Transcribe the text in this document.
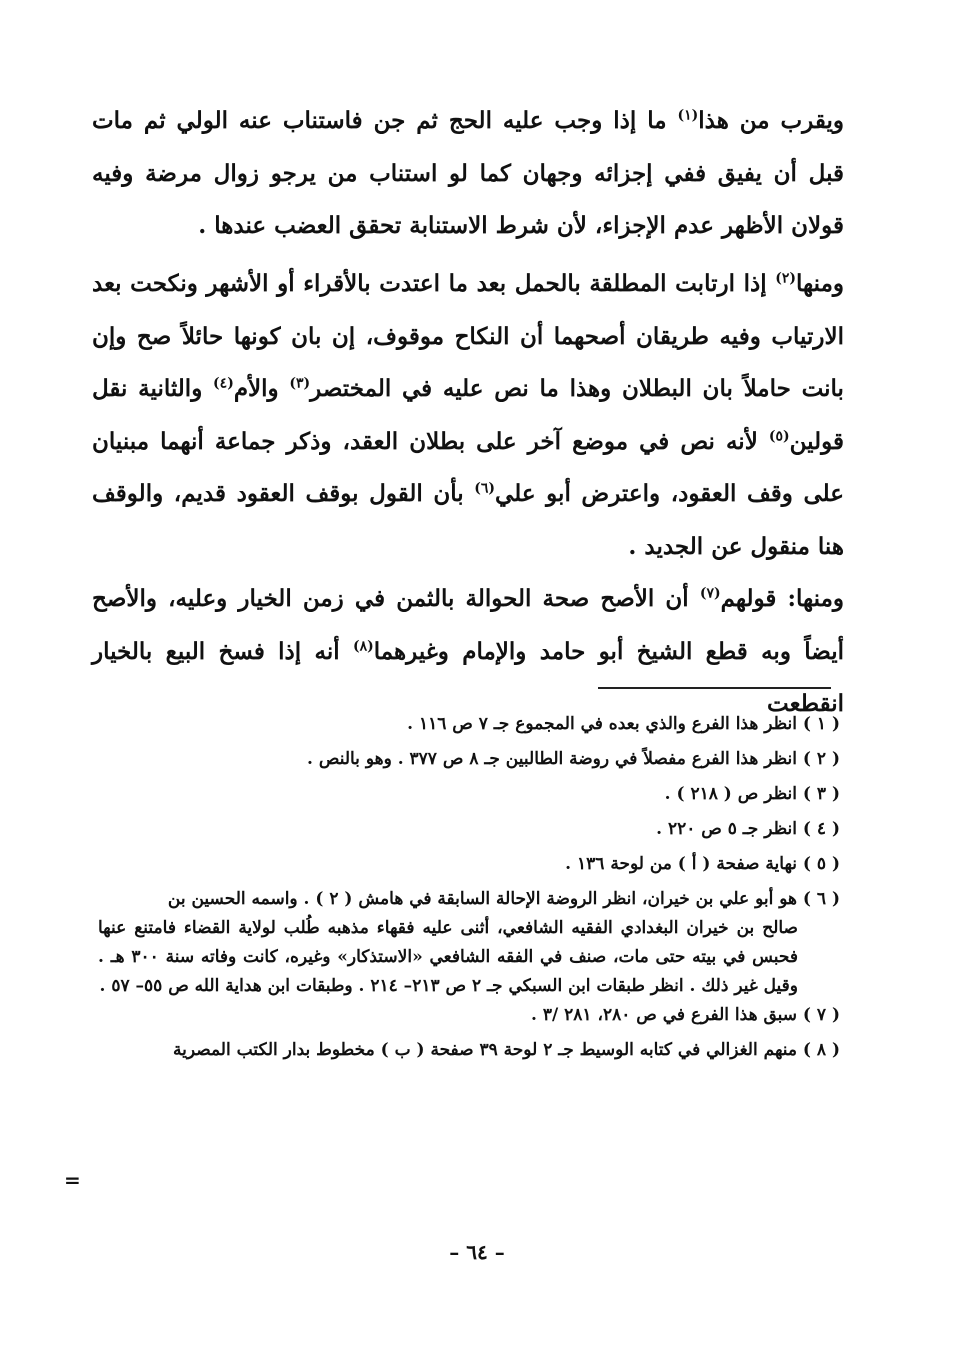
ويقرب من هذا$^{(١)}$ ما إذا وجب عليه الحج ثم جن فاستناب عنه الولي ثم مات قبل أن يفيق ففي إجزائه وجهان كما لو استناب من يرجو زوال مرضة وفيه قولان الأظهر عدم الإجزاء، لأن شرط الاستنابة تحقق العضب عندها .

ومنها$^{(٢)}$ إذا ارتابت المطلقة بالحمل بعد ما اعتدت بالأقراء أو الأشهر ونكحت بعد الارتياب وفيه طريقان أصحهما أن النكاح موقوف، إن بان كونها حائلاً صح وإن بانت حاملاً بان البطلان وهذا ما نص عليه في المختصر$^{(٣)}$ والأم$^{(٤)}$ والثانية نقل قولين$^{(٥)}$ لأنه نص في موضع آخر على بطلان العقد، وذكر جماعة أنهما مبنيان على وقف العقود، واعترض أبو علي$^{(٦)}$ بأن القول بوقف العقود قديم، والوقف هنا منقول عن الجديد .

ومنها: قولهم$^{(٧)}$ أن الأصح صحة الحوالة بالثمن في زمن الخيار وعليه، والأصح أيضاً وبه قطع الشيخ أبو حامد والإمام وغيرهما$^{(٨)}$ أنه إذا فسخ البيع بالخيار انقطعت

( ١ ) انظر هذا الفرع والذي بعده في المجموع جـ ٧ ص ١١٦ .

( ٢ ) انظر هذا الفرع مفصلاً في روضة الطالبين جـ ٨ ص ٣٧٧ . وهو بالنص .

( ٣ ) انظر ص ( ٢١٨ ) .

( ٤ ) انظر جـ ٥ ص ٢٢٠ .

( ٥ ) نهاية صفحة ( أ ) من لوحة ١٣٦ .

( ٦ ) هو أبو علي بن خيران، انظر الروضة الإحالة السابقة في هامش ( ٢ ) . واسمه الحسين بن

صالح بن خيران البغدادي الفقيه الشافعي، أثنى عليه فقهاء مذهبه طُلب لولاية القضاء فامتنع عنها فحبس في بيته حتى مات، صنف في الفقه الشافعي «الاستذكار» وغيره، كانت وفاته سنة ٣٠٠ هـ . وقيل غير ذلك . انظر طبقات ابن السبكي جـ ٢ ص ٢١٣– ٢١٤ . وطبقات ابن هداية الله ص ٥٥– ٥٧ .

( ٧ ) سبق هذا الفرع في ص ٢٨٠، ٢٨١ /٣ .

( ٨ ) منهم الغزالي في كتابه الوسيط جـ ٢ لوحة ٣٩ صفحة ( ب ) مخطوط بدار الكتب المصرية

=
– ٦٤ –
